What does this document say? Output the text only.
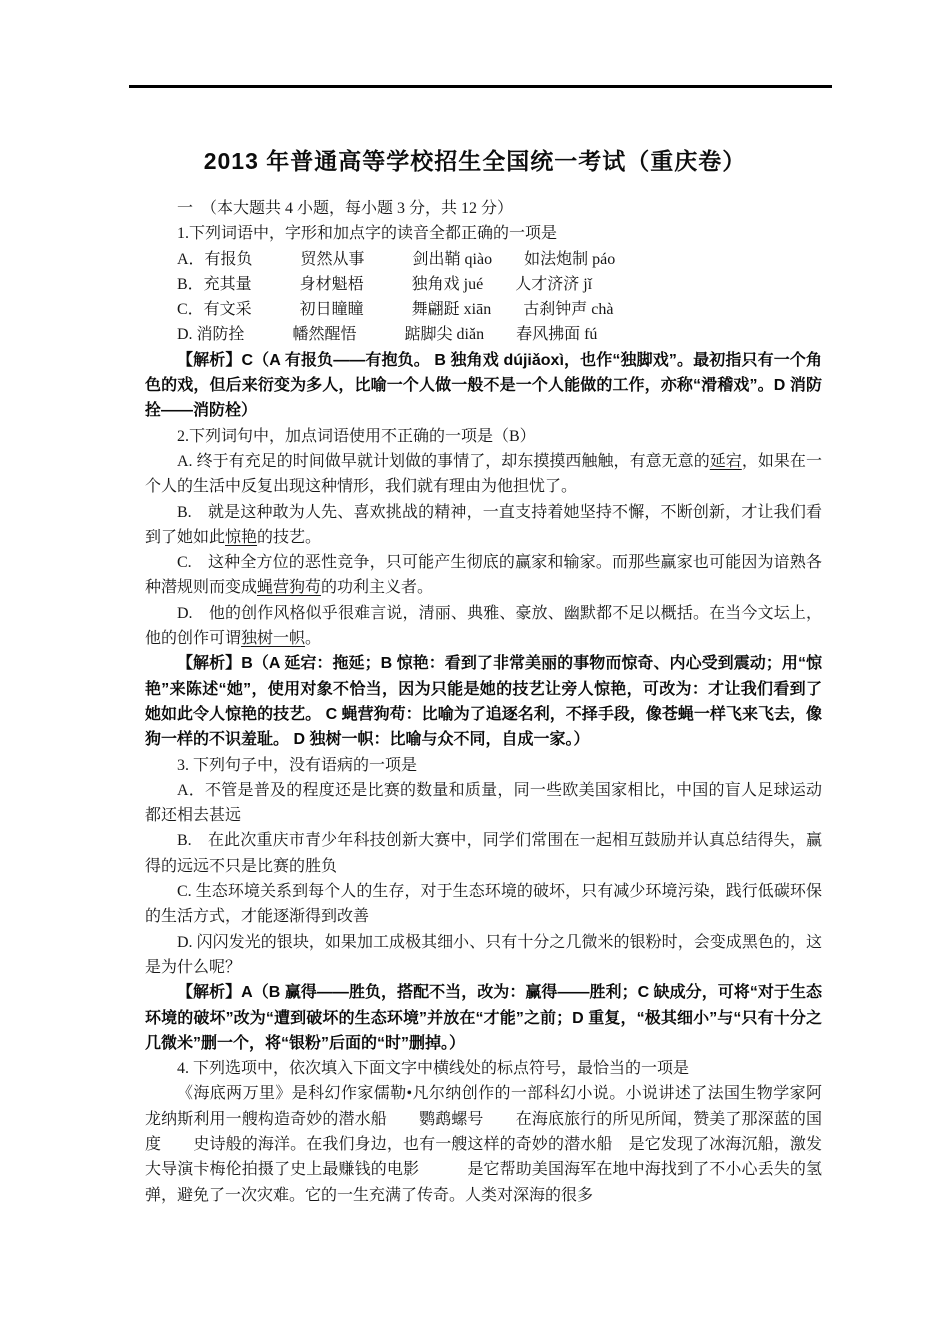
2013 年普通高等学校招生全国统一考试（重庆卷）

一　（本大题共 4 小题，每小题 3 分，共 12 分）

1.下列词语中，字形和加点字的读音全都正确的一项是

A．有报负　　　贸然从事　　　剑出鞘 qiào　　如法炮制 páo

B．充其量　　　身材魁梧　　　独角戏 jué　　人才济济 jǐ

C．有文采　　　初日瞳瞳　　　舞翩跹 xiān　　古刹钟声 chà

D. 消防拴　　　幡然醒悟　　　踮脚尖 diǎn　　春风拂面 fú

【解析】C（A 有报负——有抱负。 B 独角戏 dújiǎoxì，也作“独脚戏”。最初指只有一个角色的戏，但后来衍变为多人，比喻一个人做一般不是一个人能做的工作，亦称“滑稽戏”。D 消防拴——消防栓）

2.下列词句中，加点词语使用不正确的一项是（B）

A. 终于有充足的时间做早就计划做的事情了，却东摸摸西触触，有意无意的延宕，如果在一个人的生活中反复出现这种情形，我们就有理由为他担忧了。

B.　就是这种敢为人先、喜欢挑战的精神，一直支持着她坚持不懈，不断创新，才让我们看到了她如此惊艳的技艺。

C.　这种全方位的恶性竞争，只可能产生彻底的赢家和输家。而那些赢家也可能因为谙熟各种潜规则而变成蝇营狗苟的功利主义者。

D.　他的创作风格似乎很难言说，清丽、典雅、豪放、幽默都不足以概括。在当今文坛上，他的创作可谓独树一帜。

【解析】B（A 延宕：拖延；B 惊艳：看到了非常美丽的事物而惊奇、内心受到震动；用“惊艳”来陈述“她”，使用对象不恰当，因为只能是她的技艺让旁人惊艳，可改为：才让我们看到了她如此令人惊艳的技艺。 C 蝇营狗苟：比喻为了追逐名利，不择手段，像苍蝇一样飞来飞去，像狗一样的不识羞耻。 D 独树一帜：比喻与众不同，自成一家。）

3. 下列句子中，没有语病的一项是

A．不管是普及的程度还是比赛的数量和质量，同一些欧美国家相比，中国的盲人足球运动都还相去甚远

B.　在此次重庆市青少年科技创新大赛中，同学们常围在一起相互鼓励并认真总结得失，赢得的远远不只是比赛的胜负

C. 生态环境关系到每个人的生存，对于生态环境的破坏，只有减少环境污染，践行低碳环保的生活方式，才能逐渐得到改善

D. 闪闪发光的银块，如果加工成极其细小、只有十分之几微米的银粉时，会变成黑色的，这是为什么呢？

【解析】A（B 赢得——胜负，搭配不当，改为：赢得——胜利；C 缺成分，可将“对于生态环境的破坏”改为“遭到破坏的生态环境”并放在“才能”之前；D 重复，“极其细小”与“只有十分之几微米”删一个，将“银粉”后面的“时”删掉。）

4. 下列选项中，依次填入下面文字中横线处的标点符号，最恰当的一项是

《海底两万里》是科幻作家儒勒•凡尔纳创作的一部科幻小说。小说讲述了法国生物学家阿龙纳斯利用一艘构造奇妙的潜水船　　鹦鹉螺号　　在海底旅行的所见所闻，赞美了那深蓝的国度　　史诗般的海洋。在我们身边，也有一艘这样的奇妙的潜水船　是它发现了冰海沉船，激发大导演卡梅伦拍摄了史上最赚钱的电影　　　是它帮助美国海军在地中海找到了不小心丢失的氢弹，避免了一次灾难。它的一生充满了传奇。人类对深海的很多
